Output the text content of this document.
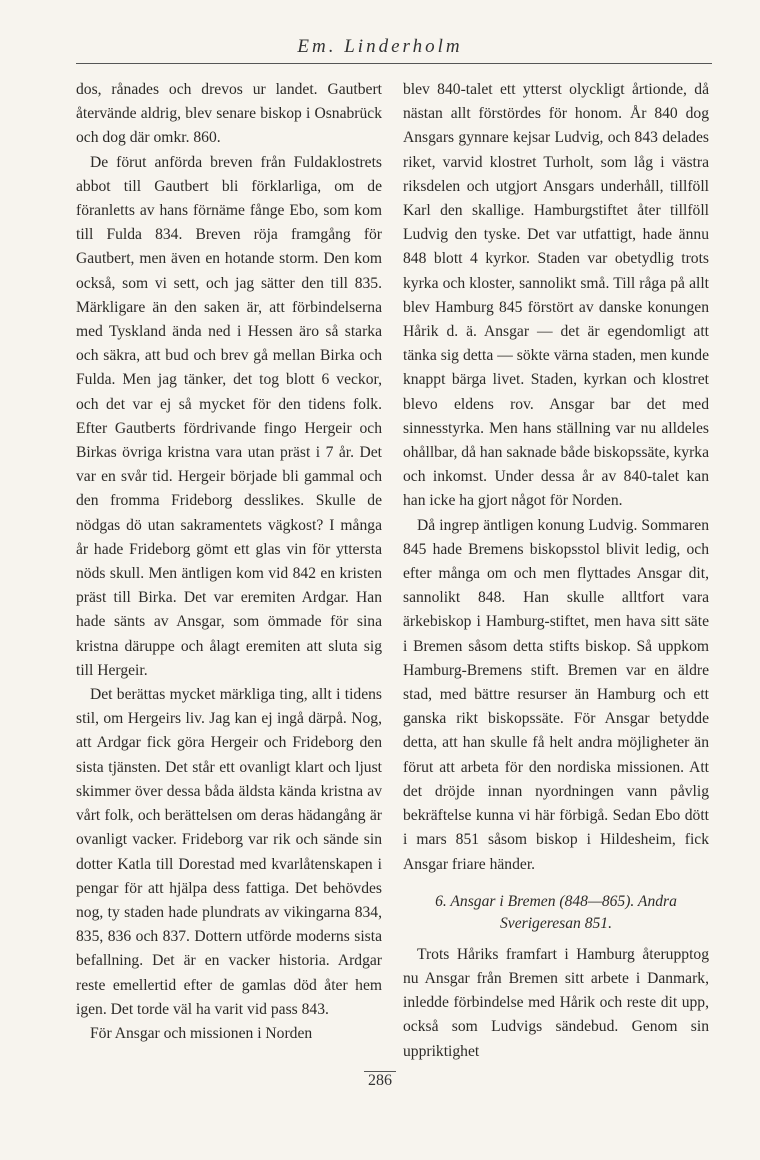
Em. Linderholm

dos, rånades och drevos ur landet. Gautbert återvände aldrig, blev senare biskop i Osnabrück och dog där omkr. 860.

De förut anförda breven från Fuldaklostrets abbot till Gautbert bli förklarliga, om de föranletts av hans förnäme fånge Ebo, som kom till Fulda 834. Breven röja framgång för Gautbert, men även en hotande storm. Den kom också, som vi sett, och jag sätter den till 835. Märkligare än den saken är, att förbindelserna med Tyskland ända ned i Hessen äro så starka och säkra, att bud och brev gå mellan Birka och Fulda. Men jag tänker, det tog blott 6 veckor, och det var ej så mycket för den tidens folk. Efter Gautberts fördrivande fingo Hergeir och Birkas övriga kristna vara utan präst i 7 år. Det var en svår tid. Hergeir började bli gammal och den fromma Frideborg desslikes. Skulle de nödgas dö utan sakramentets vägkost? I många år hade Frideborg gömt ett glas vin för yttersta nöds skull. Men äntligen kom vid 842 en kristen präst till Birka. Det var eremiten Ardgar. Han hade sänts av Ansgar, som ömmade för sina kristna däruppe och ålagt eremiten att sluta sig till Hergeir.

Det berättas mycket märkliga ting, allt i tidens stil, om Hergeirs liv. Jag kan ej ingå därpå. Nog, att Ardgar fick göra Hergeir och Frideborg den sista tjänsten. Det står ett ovanligt klart och ljust skimmer över dessa båda äldsta kända kristna av vårt folk, och berättelsen om deras hädangång är ovanligt vacker. Frideborg var rik och sände sin dotter Katla till Dorestad med kvarlåtenskapen i pengar för att hjälpa dess fattiga. Det behövdes nog, ty staden hade plundrats av vikingarna 834, 835, 836 och 837. Dottern utförde moderns sista befallning. Det är en vacker historia. Ardgar reste emellertid efter de gamlas död åter hem igen. Det torde väl ha varit vid pass 843.

För Ansgar och missionen i Norden

blev 840-talet ett ytterst olyckligt årtionde, då nästan allt förstördes för honom. År 840 dog Ansgars gynnare kejsar Ludvig, och 843 delades riket, varvid klostret Turholt, som låg i västra riksdelen och utgjort Ansgars underhåll, tillföll Karl den skallige. Hamburgstiftet åter tillföll Ludvig den tyske. Det var utfattigt, hade ännu 848 blott 4 kyrkor. Staden var obetydlig trots kyrka och kloster, sannolikt små. Till råga på allt blev Hamburg 845 förstört av danske konungen Hårik d. ä. Ansgar — det är egendomligt att tänka sig detta — sökte värna staden, men kunde knappt bärga livet. Staden, kyrkan och klostret blevo eldens rov. Ansgar bar det med sinnesstyrka. Men hans ställning var nu alldeles ohållbar, då han saknade både biskopssäte, kyrka och inkomst. Under dessa år av 840-talet kan han icke ha gjort något för Norden.

Då ingrep äntligen konung Ludvig. Sommaren 845 hade Bremens biskopsstol blivit ledig, och efter många om och men flyttades Ansgar dit, sannolikt 848. Han skulle alltfort vara ärkebiskop i Hamburg-stiftet, men hava sitt säte i Bremen såsom detta stifts biskop. Så uppkom Hamburg-Bremens stift. Bremen var en äldre stad, med bättre resurser än Hamburg och ett ganska rikt biskopssäte. För Ansgar betydde detta, att han skulle få helt andra möjligheter än förut att arbeta för den nordiska missionen. Att det dröjde innan nyordningen vann påvlig bekräftelse kunna vi här förbigå. Sedan Ebo dött i mars 851 såsom biskop i Hildesheim, fick Ansgar friare händer.

6. Ansgar i Bremen (848—865). Andra
Sverigeresan 851.

Trots Håriks framfart i Hamburg återupptog nu Ansgar från Bremen sitt arbete i Danmark, inledde förbindelse med Hårik och reste dit upp, också som Ludvigs sändebud. Genom sin uppriktighet

286
